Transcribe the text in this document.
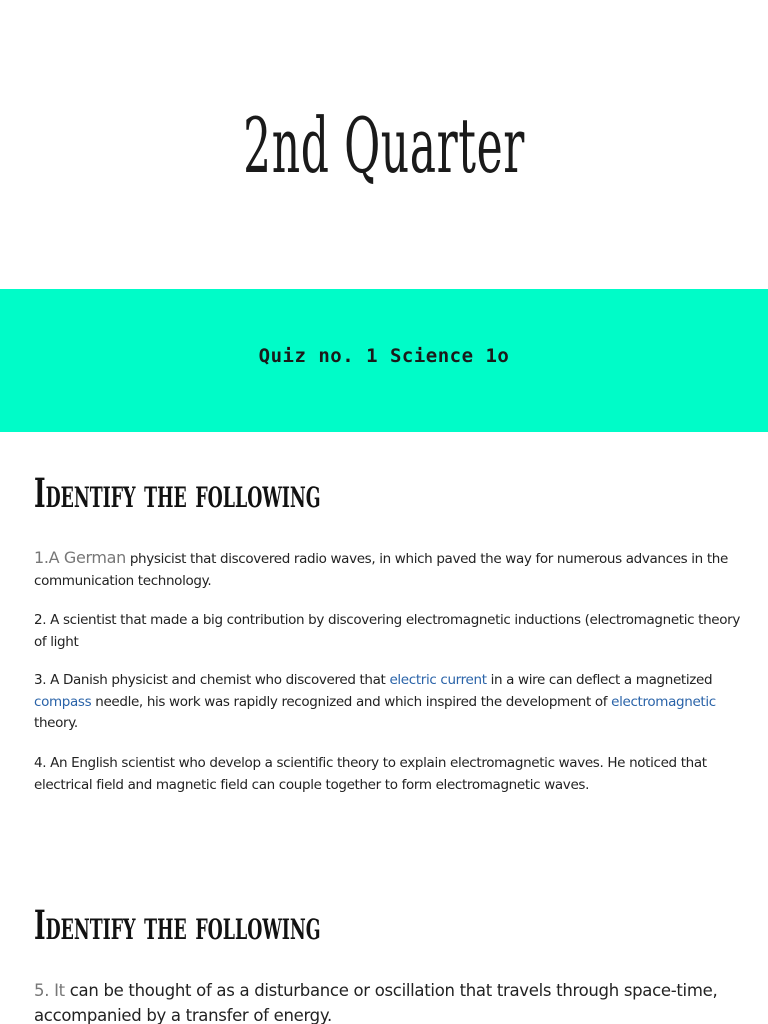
2nd Quarter
Quiz no. 1 Science 1o
Identify the following

1.A German physicist that discovered radio waves, in which paved the way for numerous advances in the communication technology.

2. A scientist that made a big contribution by discovering electromagnetic inductions (electromagnetic theory of light

3. A Danish physicist and chemist who discovered that electric current in a wire can deflect a magnetized compass needle, his work was rapidly recognized and which inspired the development of electromagnetic theory.

4. An English scientist who develop a scientific theory to explain electromagnetic waves. He noticed that electrical field and magnetic field can couple together to form electromagnetic waves.

Identify the following

5. It can be thought of as a disturbance or oscillation that travels through space-time, accompanied by a transfer of energy.
